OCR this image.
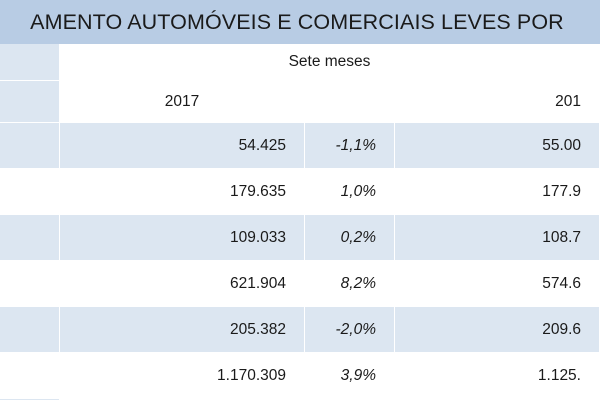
AMENTO AUTOMÓVEIS E COMERCIAIS LEVES POR
Sete meses
2017	201
54.425	-1,1%	55.00
179.635	1,0%	177.9
109.033	0,2%	108.7
621.904	8,2%	574.6
205.382	-2,0%	209.6
1.170.309	3,9%	1.125.
